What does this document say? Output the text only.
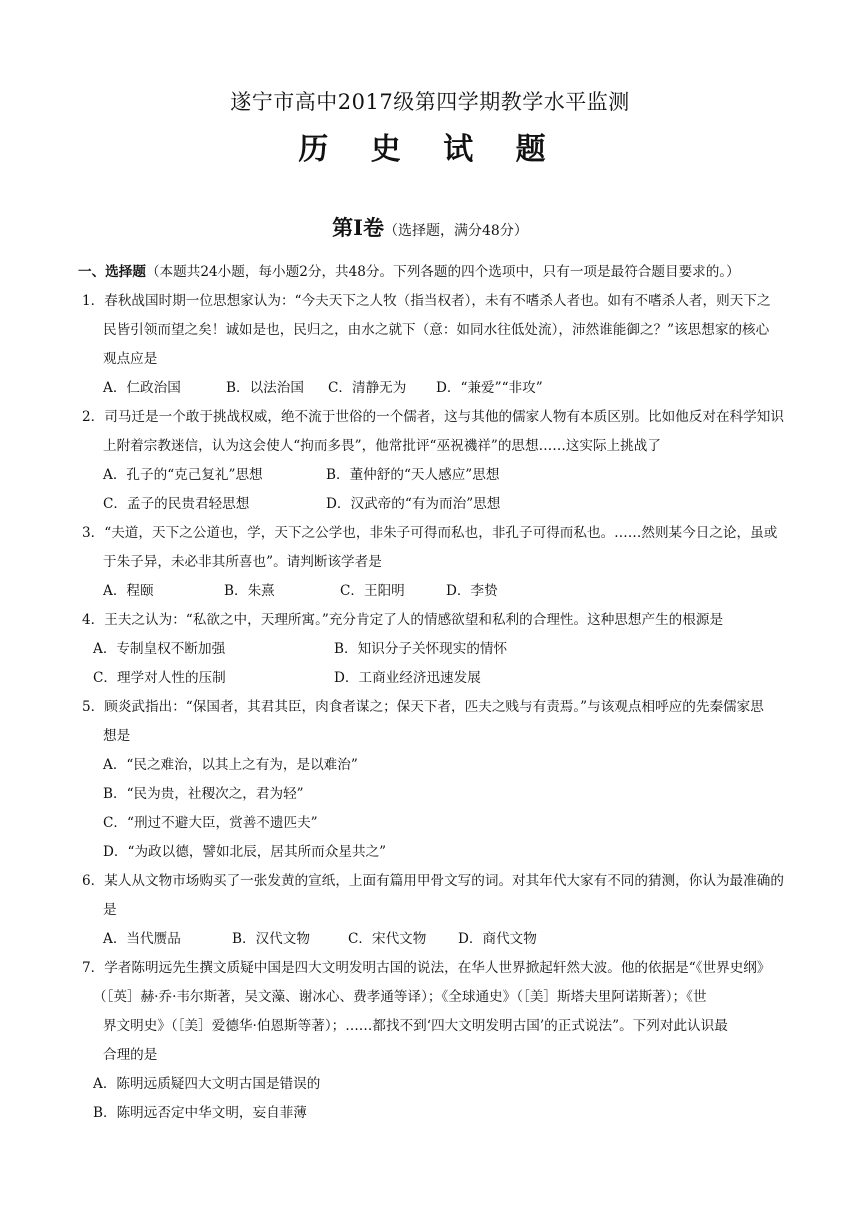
遂宁市高中2017级第四学期教学水平监测
历 史 试 题
第Ⅰ卷（选择题，满分48分）
一、选择题（本题共24小题，每小题2分，共48分。下列各题的四个选项中，只有一项是最符合题目要求的。）
1．春秋战国时期一位思想家认为：“今夫天下之人牧（指当权者），未有不嗜杀人者也。如有不嗜杀人者，则天下之
民皆引领而望之矣！诚如是也，民归之，由水之就下（意：如同水往低处流），沛然谁能御之？”该思想家的核心
观点应是
A．仁政治国	B．以法治国 C．清静无为 D．“兼爱”“非攻”
2．司马迁是一个敢于挑战权威，绝不流于世俗的一个儒者，这与其他的儒家人物有本质区别。比如他反对在科学知识
上附着宗教迷信，认为这会使人“拘而多畏”，他常批评“巫祝禨祥”的思想……这实际上挑战了
A．孔子的“克己复礼”思想	B．董仲舒的“天人感应”思想
C．孟子的民贵君轻思想	D．汉武帝的“有为而治”思想
3．“夫道，天下之公道也，学，天下之公学也，非朱子可得而私也，非孔子可得而私也。……然则某今日之论，虽或
于朱子异，未必非其所喜也”。请判断该学者是
A．程颐	B．朱熹	C．王阳明	D．李贽
4．王夫之认为：“私欲之中，天理所寓。”充分肯定了人的情感欲望和私利的合理性。这种思想产生的根源是
A．专制皇权不断加强	B．知识分子关怀现实的情怀
C．理学对人性的压制	D．工商业经济迅速发展
5．顾炎武指出：“保国者，其君其臣，肉食者谋之；保天下者，匹夫之贱与有责焉。”与该观点相呼应的先秦儒家思
想是
A．“民之难治，以其上之有为，是以难治”
B．“民为贵，社稷次之，君为轻”
C．“刑过不避大臣，赏善不遗匹夫”
D．“为政以德，譬如北辰，居其所而众星共之”
6．某人从文物市场购买了一张发黄的宣纸，上面有篇用甲骨文写的词。对其年代大家有不同的猜测，你认为最准确的
是
A．当代赝品	B．汉代文物	C．宋代文物 D．商代文物
7．学者陈明远先生撰文质疑中国是四大文明发明古国的说法，在华人世界掀起轩然大波。他的依据是“《世界史纲》
（［英］赫·乔·韦尔斯著，吴文藻、谢冰心、费孝通等译）；《全球通史》（［美］斯塔夫里阿诺斯著）；《世
界文明史》（［美］爱德华·伯恩斯等著）；……都找不到‘四大文明发明古国’的正式说法”。下列对此认识最
合理的是
A．陈明远质疑四大文明古国是错误的
B．陈明远否定中华文明，妄自菲薄
